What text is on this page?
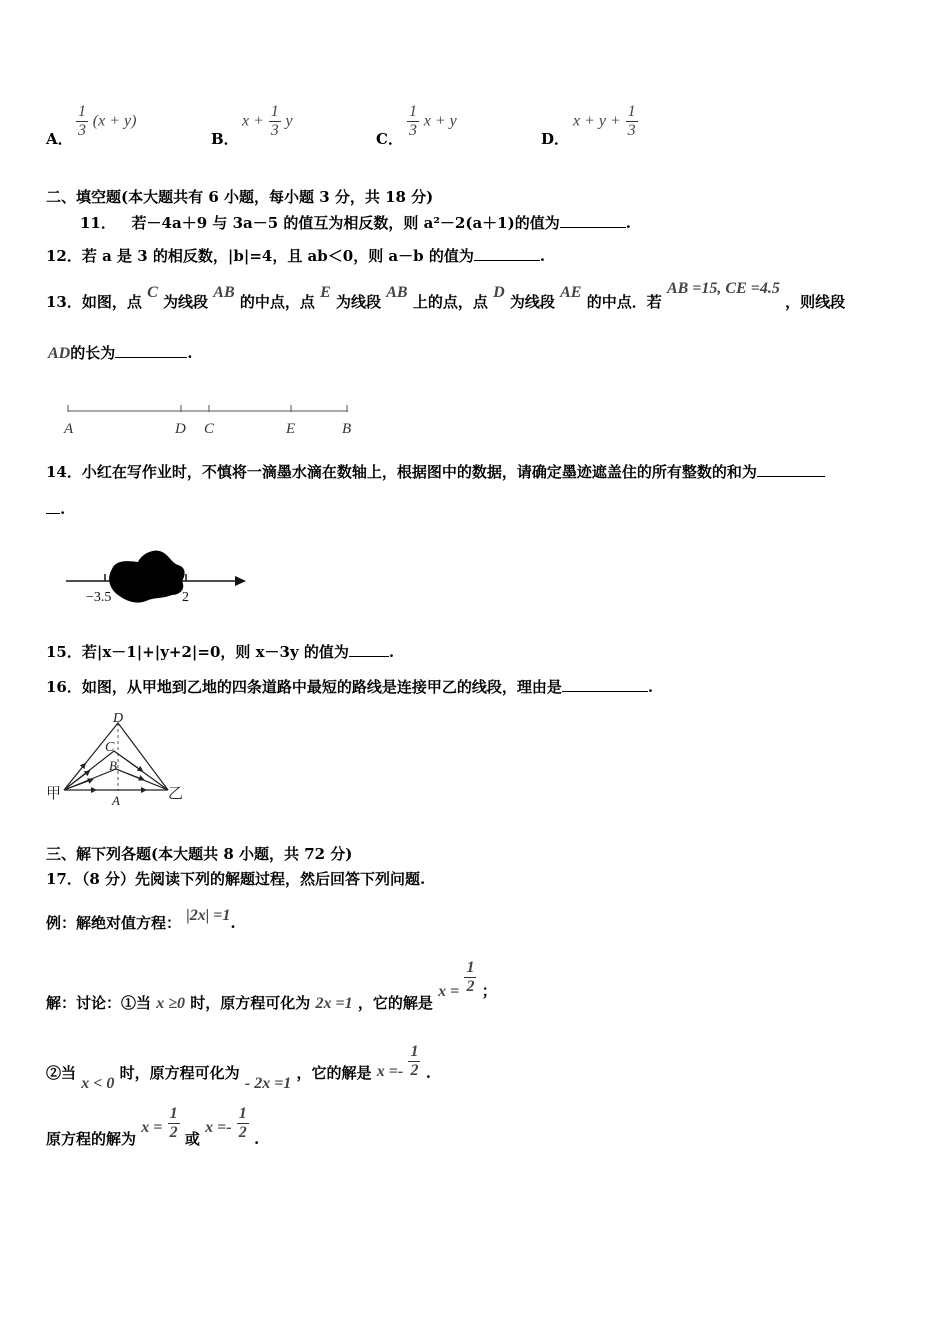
A． $\frac{1}{3} (x + y)$
B．
$x + \frac{1}{3}$ y
C． $\frac{1}{3}$ x + y
D．
$x + y + \frac{1}{3}$
二、填空题(本大题共有 6 小题，每小题 3 分，共 18 分)
11． 若－4a＋9 与 3a－5 的值互为相反数，则 a²－2(a＋1)的值为	.
12．若 a 是 3 的相反数，|b|=4，且 ab＜0，则 a－b 的值为	.
13．如图，点 C 为线段 AB 的中点，点 E 为线段 AB 上的点，点 D 为线段 AE 的中点．若 AB =15, CE =4.5 ，则线段
AD的长为	.
A	D C	E	B
14．小红在写作业时，不慎将一滴墨水滴在数轴上，根据图中的数据，请确定墨迹遮盖住的所有整数的和为
.
−3.5	2
15．若|x－1|+|y+2|=0，则 x－3y 的值为	.
16．如图，从甲地到乙地的四条道路中最短的路线是连接甲乙的线段，理由是	.
D
C
B
A
甲	乙
三、解下列各题(本大题共 8 小题，共 72 分)
17．（8 分）先阅读下列的解题过程，然后回答下列问题.
例：解绝对值方程： |2x| =1.
解：讨论：①当 x ≥0 时，原方程可化为 2x =1 ，它的解是 $x = \frac{1}{2}$ ；
②当 x < 0 时，原方程可化为 - 2x =1 ，它的解是 $x =- \frac{1}{2}$ .
原方程的解为 $x = \frac{1}{2}$ 或 $x =- \frac{1}{2}$ .
